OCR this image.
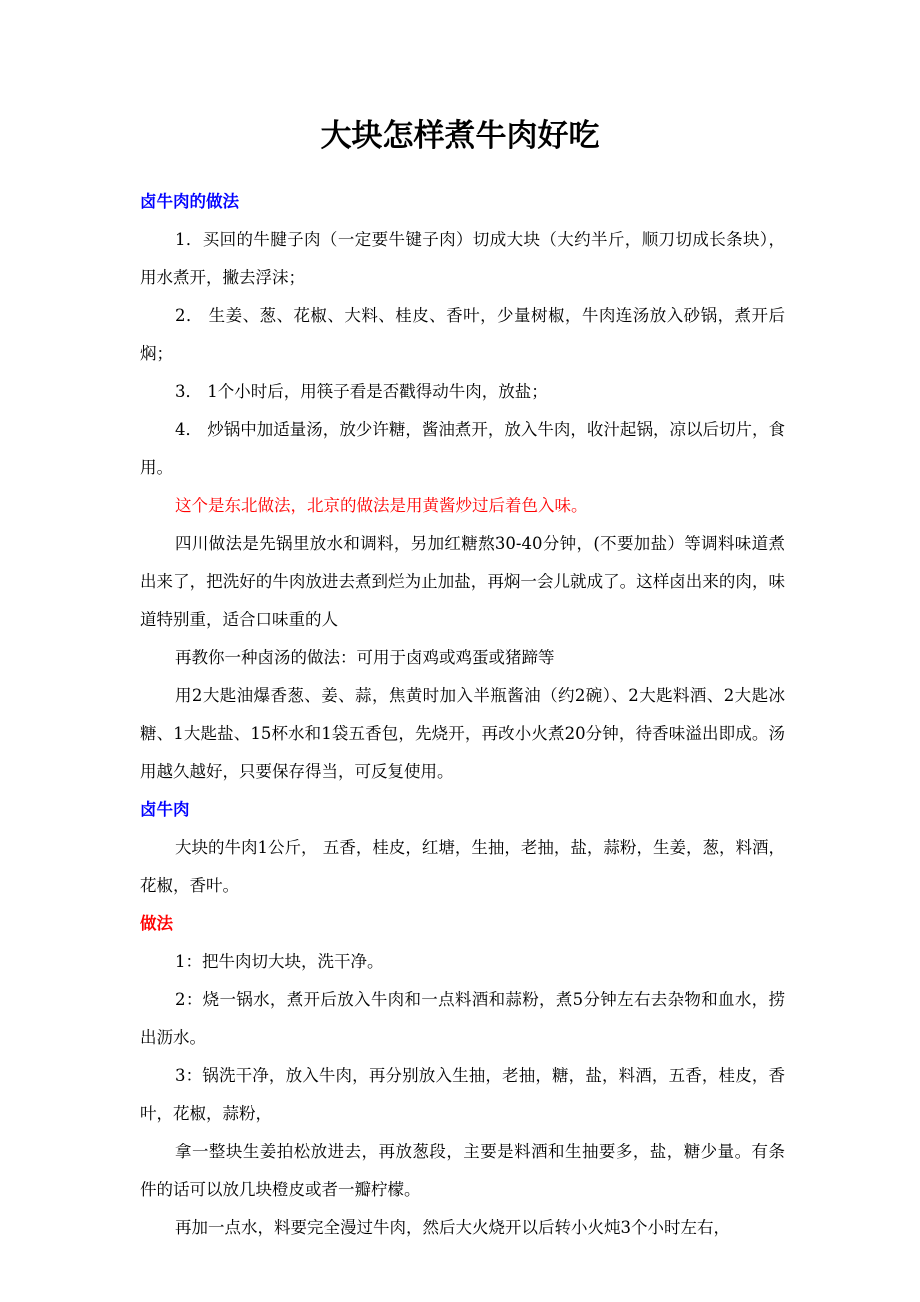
大块怎样煮牛肉好吃

卤牛肉的做法

1．买回的牛腱子肉（一定要牛键子肉）切成大块（大约半斤，顺刀切成长条块），用水煮开，撇去浮沫；

2． 生姜、葱、花椒、大料、桂皮、香叶，少量树椒，牛肉连汤放入砂锅，煮开后焖；

3． 1个小时后，用筷子看是否戳得动牛肉，放盐；

4． 炒锅中加适量汤，放少许糖，酱油煮开，放入牛肉，收汁起锅，凉以后切片，食用。

这个是东北做法，北京的做法是用黄酱炒过后着色入味。

四川做法是先锅里放水和调料，另加红糖熬30-40分钟，(不要加盐）等调料味道煮出来了，把洗好的牛肉放进去煮到烂为止加盐，再焖一会儿就成了。这样卤出来的肉，味道特别重，适合口味重的人

再教你一种卤汤的做法：可用于卤鸡或鸡蛋或猪蹄等

用2大匙油爆香葱、姜、蒜，焦黄时加入半瓶酱油（约2碗）、2大匙料酒、2大匙冰糖、1大匙盐、15杯水和1袋五香包，先烧开，再改小火煮20分钟，待香味溢出即成。汤用越久越好，只要保存得当，可反复使用。

卤牛肉

大块的牛肉1公斤， 五香，桂皮，红塘，生抽，老抽，盐，蒜粉，生姜，葱，料酒，花椒，香叶。

做法

1：把牛肉切大块，洗干净。

2：烧一锅水，煮开后放入牛肉和一点料酒和蒜粉，煮5分钟左右去杂物和血水，捞出沥水。

3：锅洗干净，放入牛肉，再分别放入生抽，老抽，糖，盐，料酒，五香，桂皮，香叶，花椒，蒜粉，

拿一整块生姜拍松放进去，再放葱段，主要是料酒和生抽要多，盐，糖少量。有条件的话可以放几块橙皮或者一瓣柠檬。

再加一点水，料要完全漫过牛肉，然后大火烧开以后转小火炖3个小时左右，
